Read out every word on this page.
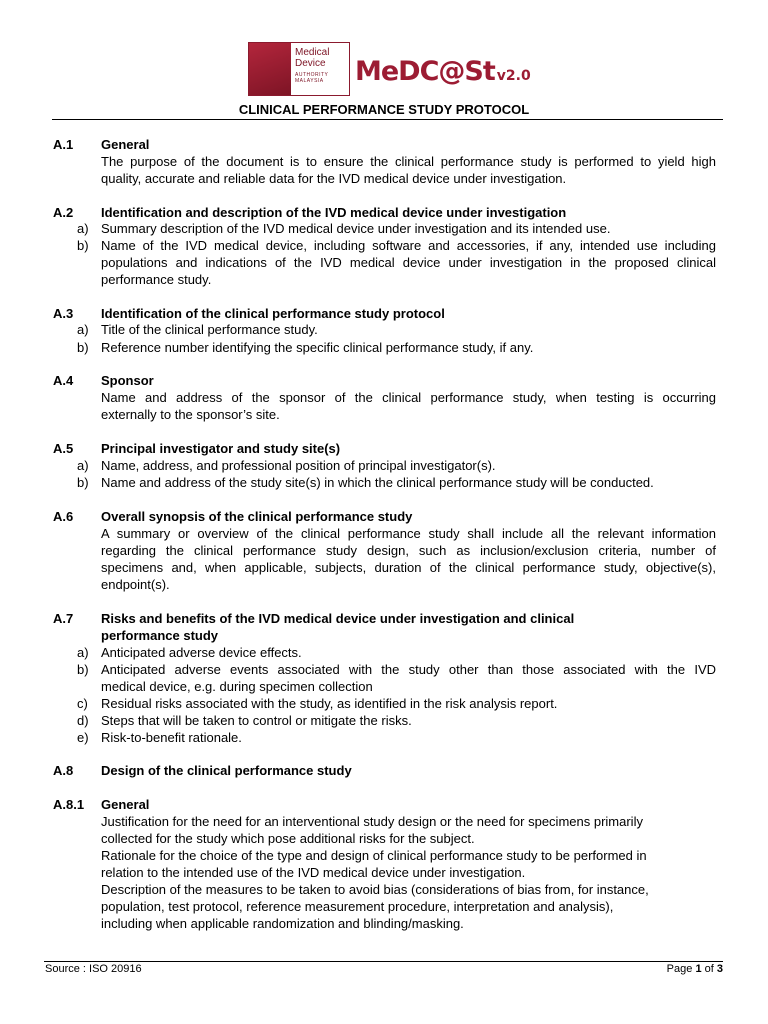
Medical Device
AUTHORITY
MALAYSIA	MeDC@St v2.0
CLINICAL PERFORMANCE STUDY PROTOCOL
A.1 General
The purpose of the document is to ensure the clinical performance study is performed to yield high
quality, accurate and reliable data for the IVD medical device under investigation.
A.2 Identification and description of the IVD medical device under investigation
a) Summary description of the IVD medical device under investigation and its intended use.
b) Name of the IVD medical device, including software and accessories, if any, intended use including
populations and indications of the IVD medical device under investigation in the proposed clinical
performance study.
A.3 Identification of the clinical performance study protocol
a) Title of the clinical performance study.
b) Reference number identifying the specific clinical performance study, if any.
A.4 Sponsor
Name and address of the sponsor of the clinical performance study, when testing is occurring
externally to the sponsor’s site.
A.5 Principal investigator and study site(s)
a) Name, address, and professional position of principal investigator(s).
b) Name and address of the study site(s) in which the clinical performance study will be conducted.
A.6 Overall synopsis of the clinical performance study
A summary or overview of the clinical performance study shall include all the relevant information
regarding the clinical performance study design, such as inclusion/exclusion criteria, number of
specimens and, when applicable, subjects, duration of the clinical performance study, objective(s),
endpoint(s).
A.7 Risks and benefits of the IVD medical device under investigation and clinical
performance study
a) Anticipated adverse device effects.
b) Anticipated adverse events associated with the study other than those associated with the IVD
medical device, e.g. during specimen collection
c) Residual risks associated with the study, as identified in the risk analysis report.
d) Steps that will be taken to control or mitigate the risks.
e) Risk-to-benefit rationale.
A.8 Design of the clinical performance study
A.8.1 General
Justification for the need for an interventional study design or the need for specimens primarily
collected for the study which pose additional risks for the subject.
Rationale for the choice of the type and design of clinical performance study to be performed in
relation to the intended use of the IVD medical device under investigation.
Description of the measures to be taken to avoid bias (considerations of bias from, for instance,
population, test protocol, reference measurement procedure, interpretation and analysis),
including when applicable randomization and blinding/masking.
Source : ISO 20916	Page 1 of 3
